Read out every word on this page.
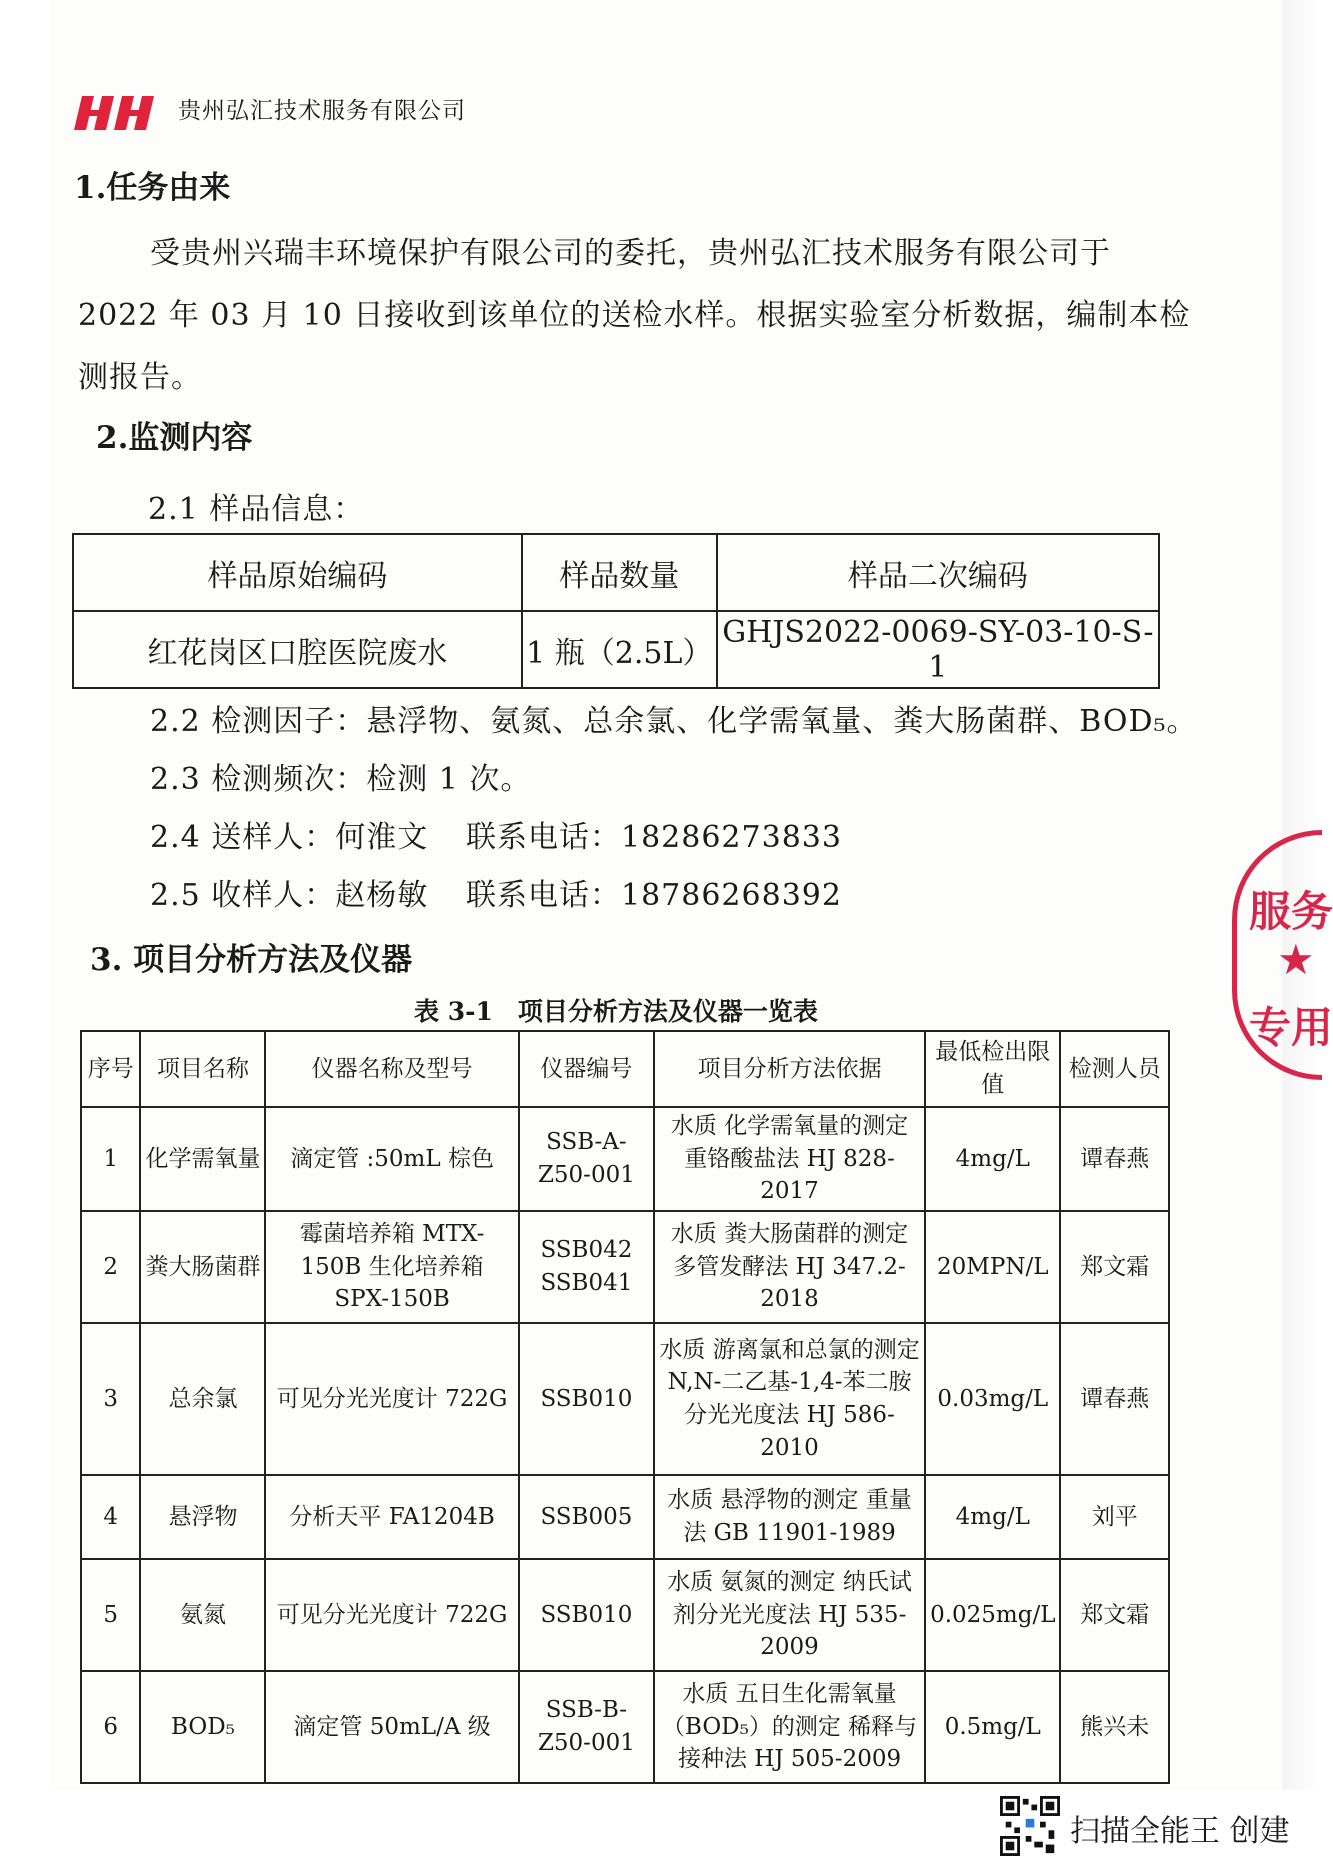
贵州弘汇技术服务有限公司
1.任务由来
受贵州兴瑞丰环境保护有限公司的委托，贵州弘汇技术服务有限公司于
2022 年 03 月 10 日接收到该单位的送检水样。根据实验室分析数据，编制本检
测报告。
2.监测内容
2.1 样品信息：
样品原始编码	样品数量	样品二次编码
红花岗区口腔医院废水	1 瓶（2.5L）	GHJS2022-0069-SY-03-10-S-1
2.2 检测因子：悬浮物、氨氮、总余氯、化学需氧量、粪大肠菌群、BOD₅。
2.3 检测频次：检测 1 次。
2.4 送样人：何淮文 联系电话：18286273833
2.5 收样人：赵杨敏 联系电话：18786268392
3. 项目分析方法及仪器
表 3-1　项目分析方法及仪器一览表
序号	项目名称	仪器名称及型号	仪器编号	项目分析方法依据	最低检出限值	检测人员
1	化学需氧量	滴定管 :50mL 棕色	SSB-A-Z50-001	水质 化学需氧量的测定 重铬酸盐法 HJ 828-2017	4mg/L	谭春燕
2	粪大肠菌群	霉菌培养箱 MTX-150B 生化培养箱 SPX-150B	SSB042 SSB041	水质 粪大肠菌群的测定 多管发酵法 HJ 347.2-2018	20MPN/L	郑文霜
3	总余氯	可见分光光度计 722G	SSB010	水质 游离氯和总氯的测定 N,N-二乙基-1,4-苯二胺分光光度法 HJ 586-2010	0.03mg/L	谭春燕
4	悬浮物	分析天平 FA1204B	SSB005	水质 悬浮物的测定 重量法 GB 11901-1989	4mg/L	刘平
5	氨氮	可见分光光度计 722G	SSB010	水质 氨氮的测定 纳氏试剂分光光度法 HJ 535-2009	0.025mg/L	郑文霜
6	BOD₅	滴定管 50mL/A 级	SSB-B-Z50-001	水质 五日生化需氧量（BOD₅）的测定 稀释与接种法 HJ 505-2009	0.5mg/L	熊兴未
服务
★
专用
扫描全能王 创建
